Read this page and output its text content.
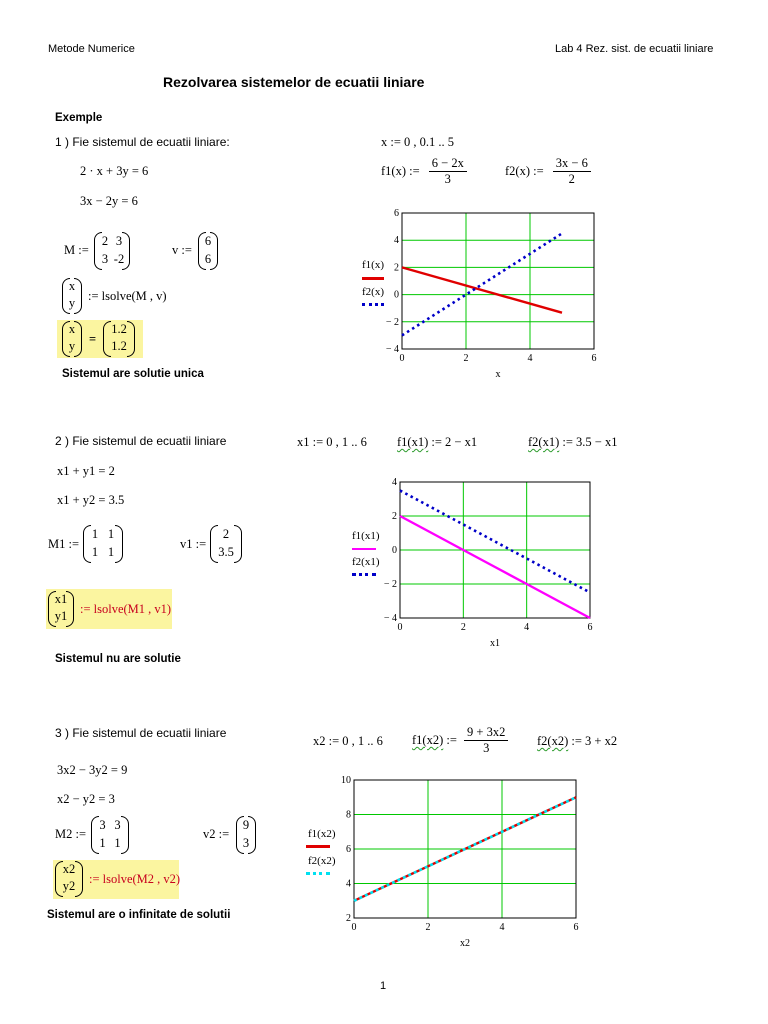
Metode Numerice	Lab 4 Rez. sist. de ecuatii liniare
Rezolvarea sistemelor de ecuatii liniare
Exemple
1 ) Fie sistemul de ecuatii liniare:
2 · x + 3y = 6
3x − 2y = 6
M :=
2 3
3 -2
v :=
6
6
x
y	:= lsolve(M , v)
x
y	=
1.2
1.2
Sistemul are solutie unica
x := 0 , 0.1 .. 5
f1(x) := $\frac{6 - 2x}{3}$	f2(x) := $\frac{3x - 6}{2}$
f1(x)
f2(x)
0	2	4	6
6
4
2
0
− 2
− 4
x
2 ) Fie sistemul de ecuatii liniare
x1 + y1 = 2
x1 + y2 = 3.5
M1 :=
1 1
1 1
v1 :=
2
3.5
x1
y1	:= lsolve(M1 , v1)
Sistemul nu are solutie
x1 := 0 , 1 .. 6 f1(x1) := 2 − x1	f2(x1) := 3.5 − x1
f1(x1)
f2(x1)
0	2	4	6
4
2
0
− 2
− 4
x1
3 ) Fie sistemul de ecuatii liniare
3x2 − 3y2 = 9
x2 − y2 = 3
M2 :=
3 3
1 1
v2 :=
9
3
x2
y2	:= lsolve(M2 , v2)
Sistemul are o infinitate de solutii
x2 := 0 , 1 .. 6 f1(x2) := $\frac{9 + 3x2}{3} f2(x2)$ := 3 + x2
f1(x2)
f2(x2)
0	2	4	6
10
8
6
4
2
x2
1
